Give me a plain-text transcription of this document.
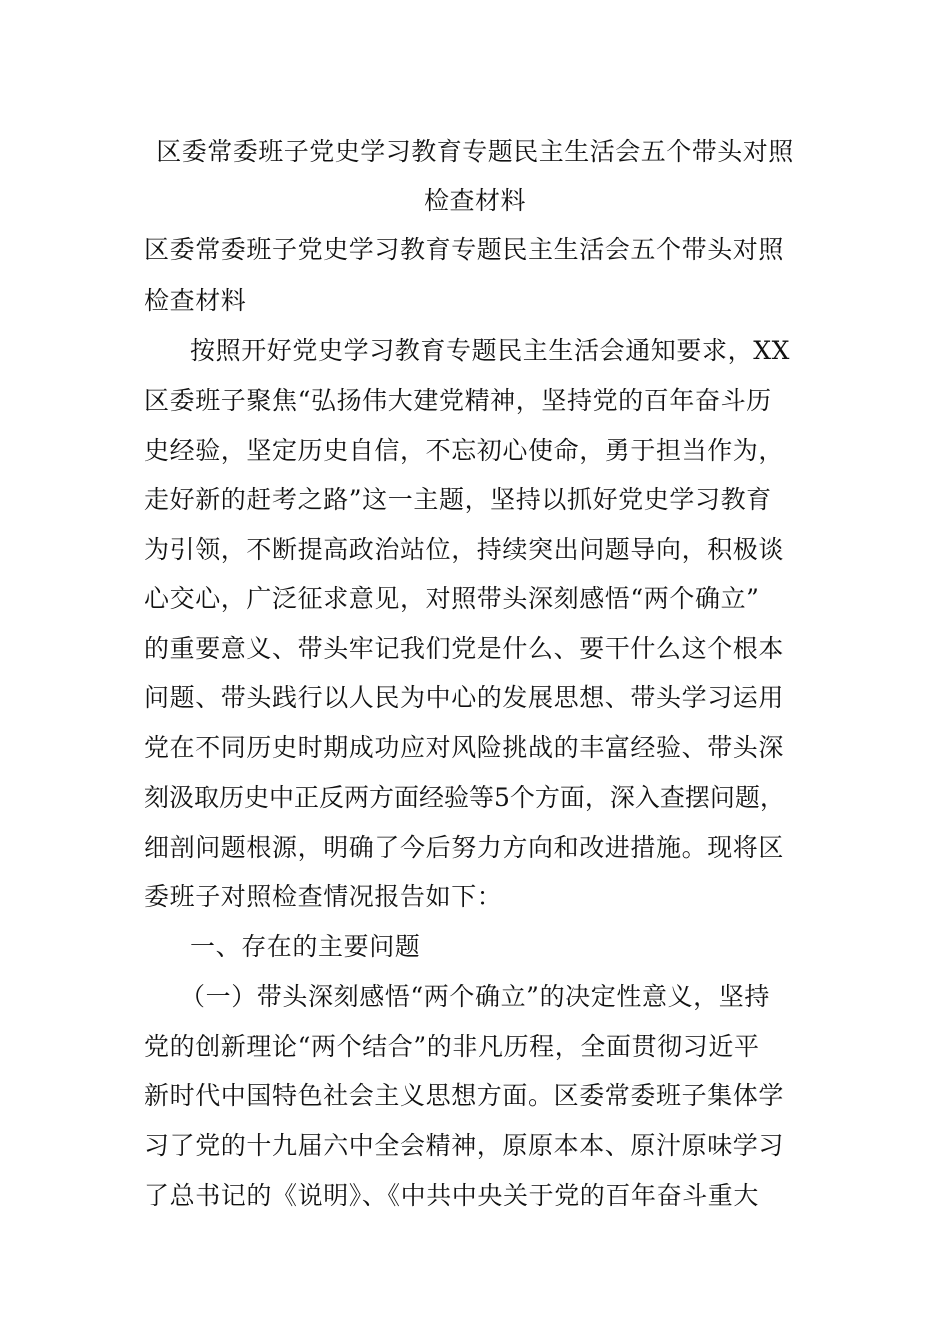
区委常委班子党史学习教育专题民主生活会五个带头对照
检查材料
区委常委班子党史学习教育专题民主生活会五个带头对照
检查材料
按照开好党史学习教育专题民主生活会通知要求，XX
区委班子聚焦“弘扬伟大建党精神，坚持党的百年奋斗历
史经验，坚定历史自信，不忘初心使命，勇于担当作为，
走好新的赶考之路”这一主题，坚持以抓好党史学习教育
为引领，不断提高政治站位，持续突出问题导向，积极谈
心交心，广泛征求意见，对照带头深刻感悟“两个确立”
的重要意义、带头牢记我们党是什么、要干什么这个根本
问题、带头践行以人民为中心的发展思想、带头学习运用
党在不同历史时期成功应对风险挑战的丰富经验、带头深
刻汲取历史中正反两方面经验等5个方面，深入查摆问题，
细剖问题根源，明确了今后努力方向和改进措施。现将区
委班子对照检查情况报告如下：
一、存在的主要问题
（一）带头深刻感悟“两个确立”的决定性意义，坚持
党的创新理论“两个结合”的非凡历程，全面贯彻习近平
新时代中国特色社会主义思想方面。区委常委班子集体学
习了党的十九届六中全会精神，原原本本、原汁原味学习
了总书记的《说明》、《中共中央关于党的百年奋斗重大
